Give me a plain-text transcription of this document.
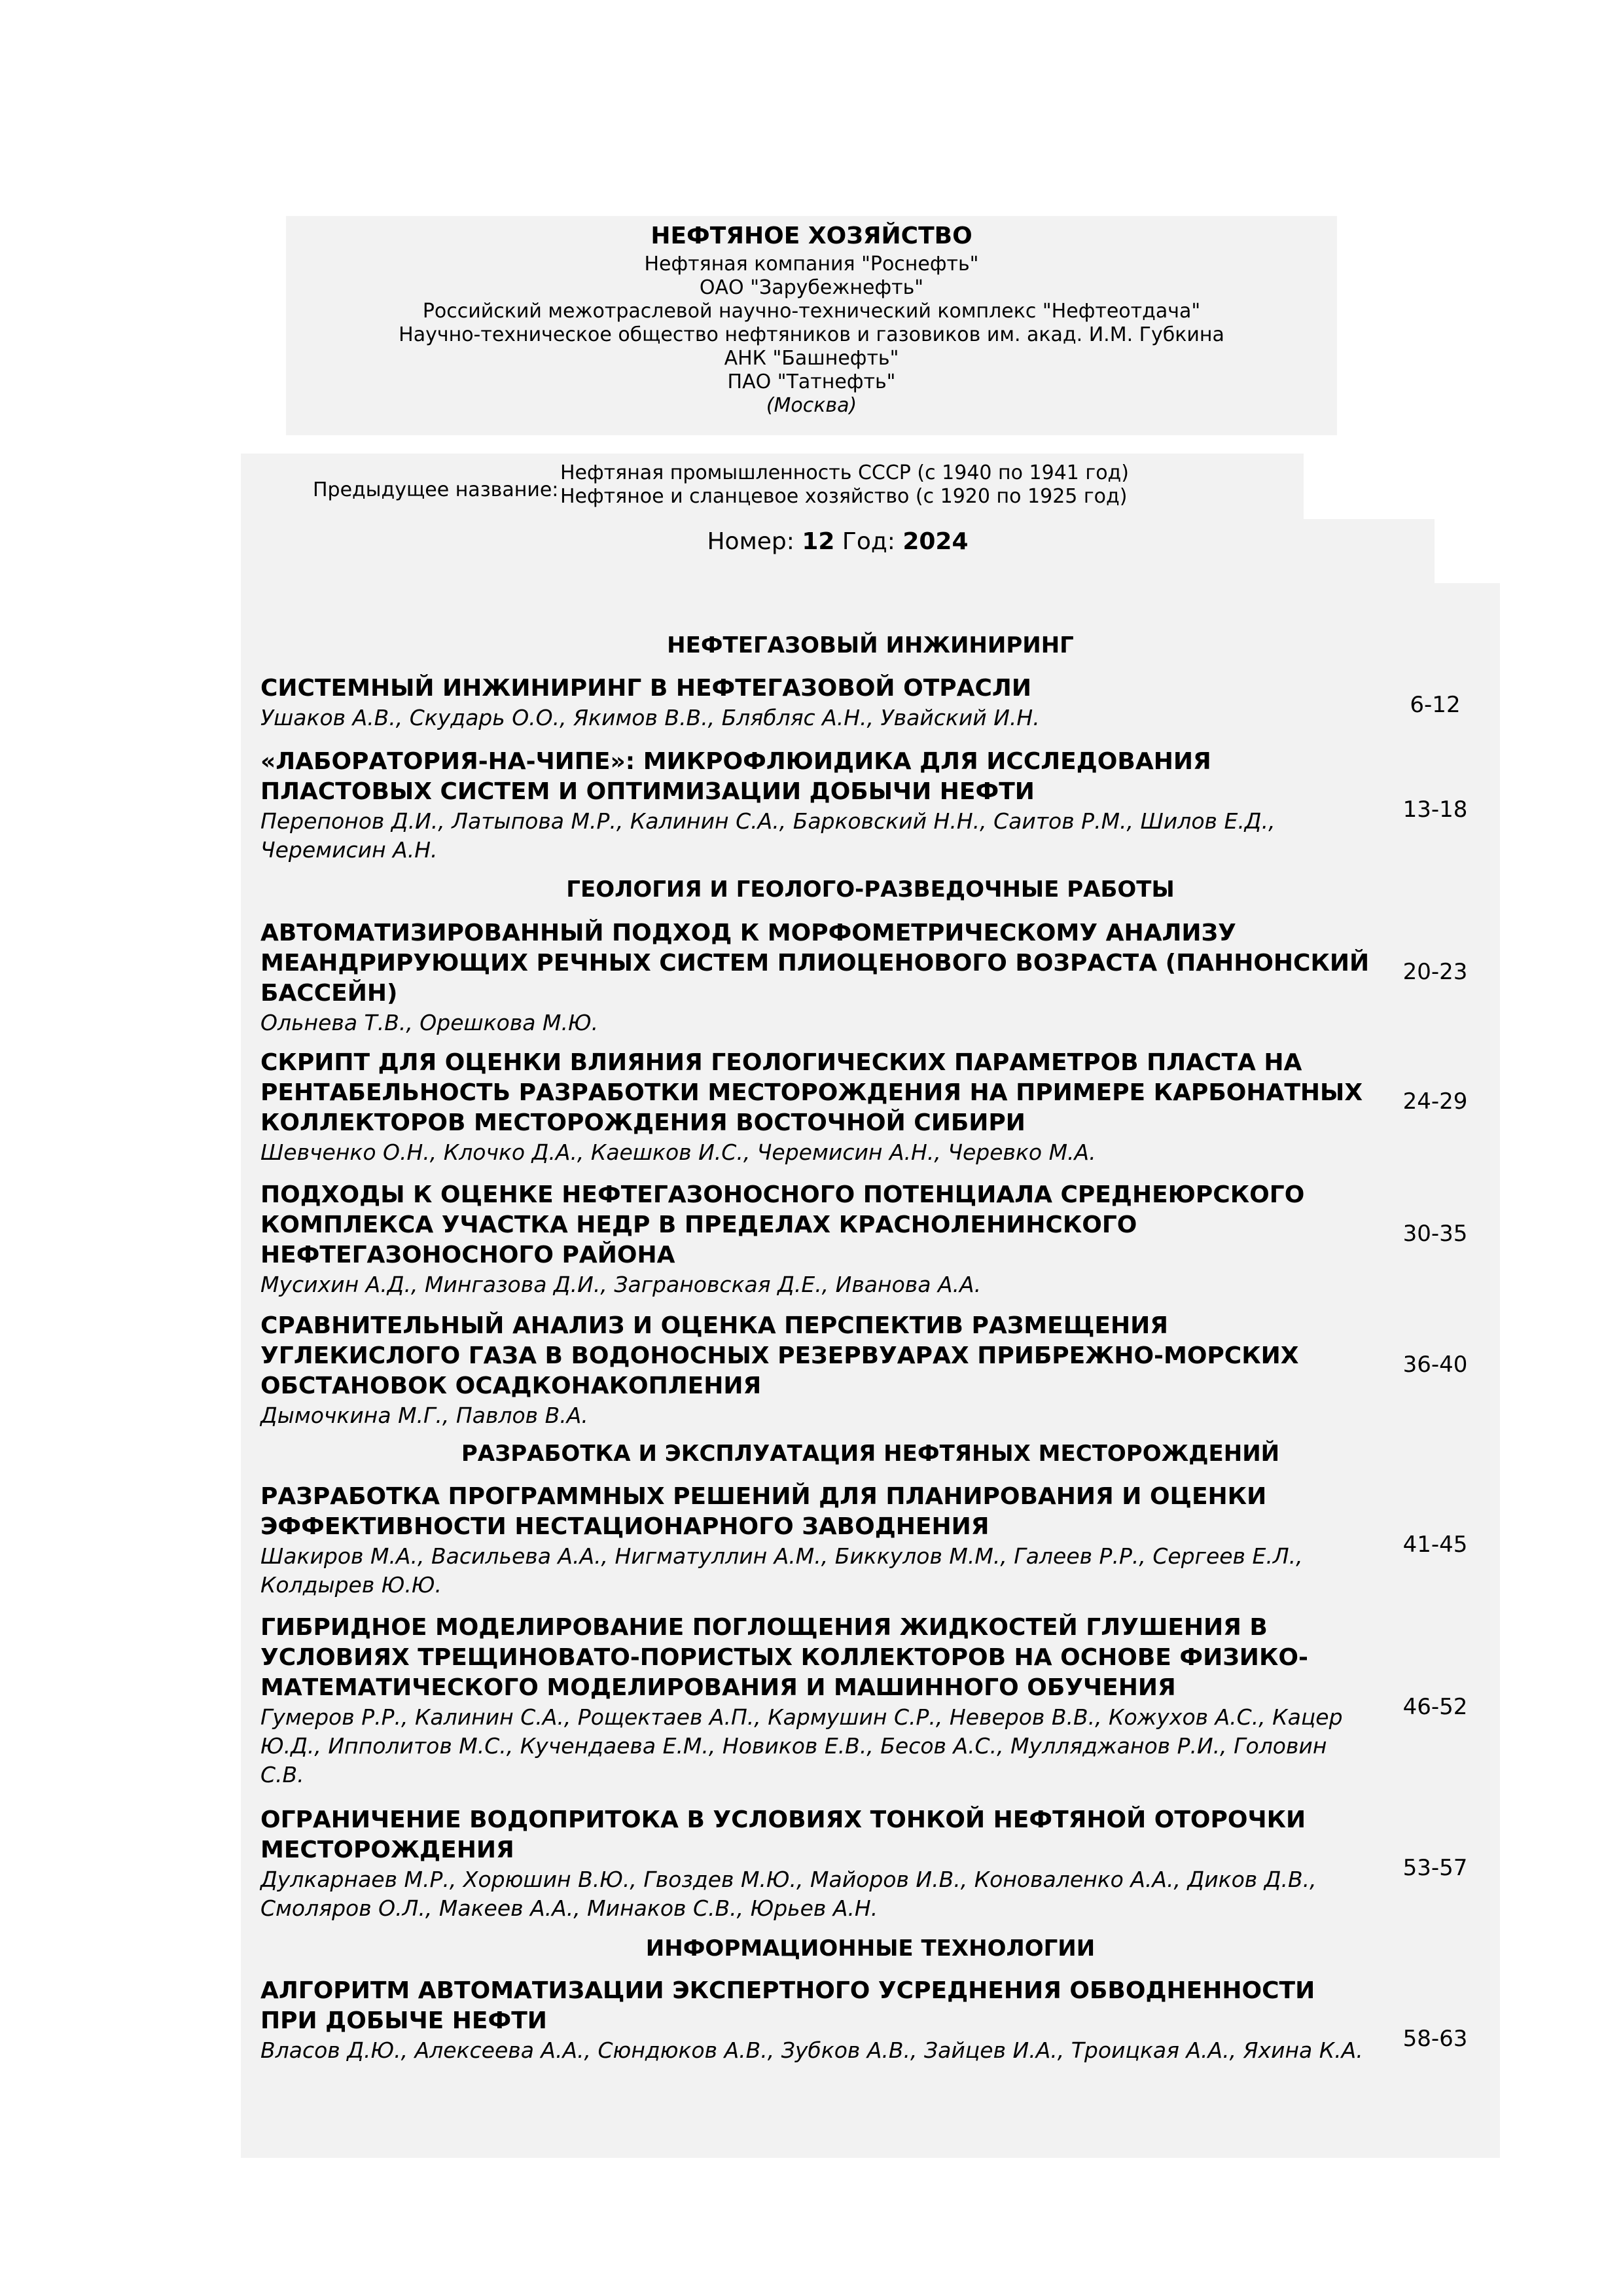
НЕФТЯНОЕ ХОЗЯЙСТВО
Нефтяная компания "Роснефть"
ОАО "Зарубежнефть"
Российский межотраслевой научно-технический комплекс "Нефтеотдача"
Научно-техническое общество нефтяников и газовиков им. акад. И.М. Губкина
АНК "Башнефть"
ПАО "Татнефть"
(Москва)
Предыдущее название:
Нефтяная промышленность СССР (с 1940 по 1941 год)
Нефтяное и сланцевое хозяйство (с 1920 по 1925 год)
Номер: 12 Год: 2024
НЕФТЕГАЗОВЫЙ ИНЖИНИРИНГ
СИСТЕМНЫЙ ИНЖИНИРИНГ В НЕФТЕГАЗОВОЙ ОТРАСЛИ
Ушаков А.В., Скударь О.О., Якимов В.В., Блябляс А.Н., Увайский И.Н.	6-12
«ЛАБОРАТОРИЯ-НА-ЧИПЕ»: МИКРОФЛЮИДИКА ДЛЯ ИССЛЕДОВАНИЯ ПЛАСТОВЫХ СИСТЕМ И ОПТИМИЗАЦИИ ДОБЫЧИ НЕФТИ
Перепонов Д.И., Латыпова М.Р., Калинин С.А., Барковский Н.Н., Саитов Р.М., Шилов Е.Д., Черемисин А.Н.
13-18
ГЕОЛОГИЯ И ГЕОЛОГО-РАЗВЕДОЧНЫЕ РАБОТЫ
АВТОМАТИЗИРОВАННЫЙ ПОДХОД К МОРФОМЕТРИЧЕСКОМУ АНАЛИЗУ МЕАНДРИРУЮЩИХ РЕЧНЫХ СИСТЕМ ПЛИОЦЕНОВОГО ВОЗРАСТА (ПАННОНСКИЙ БАССЕЙН)
Ольнева Т.В., Орешкова М.Ю.
20-23
СКРИПТ ДЛЯ ОЦЕНКИ ВЛИЯНИЯ ГЕОЛОГИЧЕСКИХ ПАРАМЕТРОВ ПЛАСТА НА РЕНТАБЕЛЬНОСТЬ РАЗРАБОТКИ МЕСТОРОЖДЕНИЯ НА ПРИМЕРЕ КАРБОНАТНЫХ КОЛЛЕКТОРОВ МЕСТОРОЖДЕНИЯ ВОСТОЧНОЙ СИБИРИ
Шевченко О.Н., Клочко Д.А., Каешков И.С., Черемисин А.Н., Черевко М.А.
24-29
ПОДХОДЫ К ОЦЕНКЕ НЕФТЕГАЗОНОСНОГО ПОТЕНЦИАЛА СРЕДНЕЮРСКОГО КОМПЛЕКСА УЧАСТКА НЕДР В ПРЕДЕЛАХ КРАСНОЛЕНИНСКОГО НЕФТЕГАЗОНОСНОГО РАЙОНА
Мусихин А.Д., Мингазова Д.И., Заграновская Д.Е., Иванова А.А.
30-35
СРАВНИТЕЛЬНЫЙ АНАЛИЗ И ОЦЕНКА ПЕРСПЕКТИВ РАЗМЕЩЕНИЯ УГЛЕКИСЛОГО ГАЗА В ВОДОНОСНЫХ РЕЗЕРВУАРАХ ПРИБРЕЖНО-МОРСКИХ ОБСТАНОВОК ОСАДКОНАКОПЛЕНИЯ
Дымочкина М.Г., Павлов В.А.
36-40
РАЗРАБОТКА И ЭКСПЛУАТАЦИЯ НЕФТЯНЫХ МЕСТОРОЖДЕНИЙ
РАЗРАБОТКА ПРОГРАММНЫХ РЕШЕНИЙ ДЛЯ ПЛАНИРОВАНИЯ И ОЦЕНКИ ЭФФЕКТИВНОСТИ НЕСТАЦИОНАРНОГО ЗАВОДНЕНИЯ
Шакиров М.А., Васильева А.А., Нигматуллин А.М., Биккулов М.М., Галеев Р.Р., Сергеев Е.Л., Колдырев Ю.Ю.
41-45
ГИБРИДНОЕ МОДЕЛИРОВАНИЕ ПОГЛОЩЕНИЯ ЖИДКОСТЕЙ ГЛУШЕНИЯ В УСЛОВИЯХ ТРЕЩИНОВАТО-ПОРИСТЫХ КОЛЛЕКТОРОВ НА ОСНОВЕ ФИЗИКО-МАТЕМАТИЧЕСКОГО МОДЕЛИРОВАНИЯ И МАШИННОГО ОБУЧЕНИЯ
Гумеров Р.Р., Калинин С.А., Рощектаев А.П., Кармушин С.Р., Неверов В.В., Кожухов А.С., Кацер Ю.Д., Ипполитов М.С., Кучендаева Е.М., Новиков Е.В., Бесов А.С., Мулляджанов Р.И., Головин С.В.
46-52
ОГРАНИЧЕНИЕ ВОДОПРИТОКА В УСЛОВИЯХ ТОНКОЙ НЕФТЯНОЙ ОТОРОЧКИ МЕСТОРОЖДЕНИЯ
Дулкарнаев М.Р., Хорюшин В.Ю., Гвоздев М.Ю., Майоров И.В., Коноваленко А.А., Диков Д.В., Смоляров О.Л., Макеев А.А., Минаков С.В., Юрьев А.Н.
53-57
ИНФОРМАЦИОННЫЕ ТЕХНОЛОГИИ
АЛГОРИТМ АВТОМАТИЗАЦИИ ЭКСПЕРТНОГО УСРЕДНЕНИЯ ОБВОДНЕННОСТИ ПРИ ДОБЫЧЕ НЕФТИ
Власов Д.Ю., Алексеева А.А., Сюндюков А.В., Зубков А.В., Зайцев И.А., Троицкая А.А., Яхина К.А.	58-63
